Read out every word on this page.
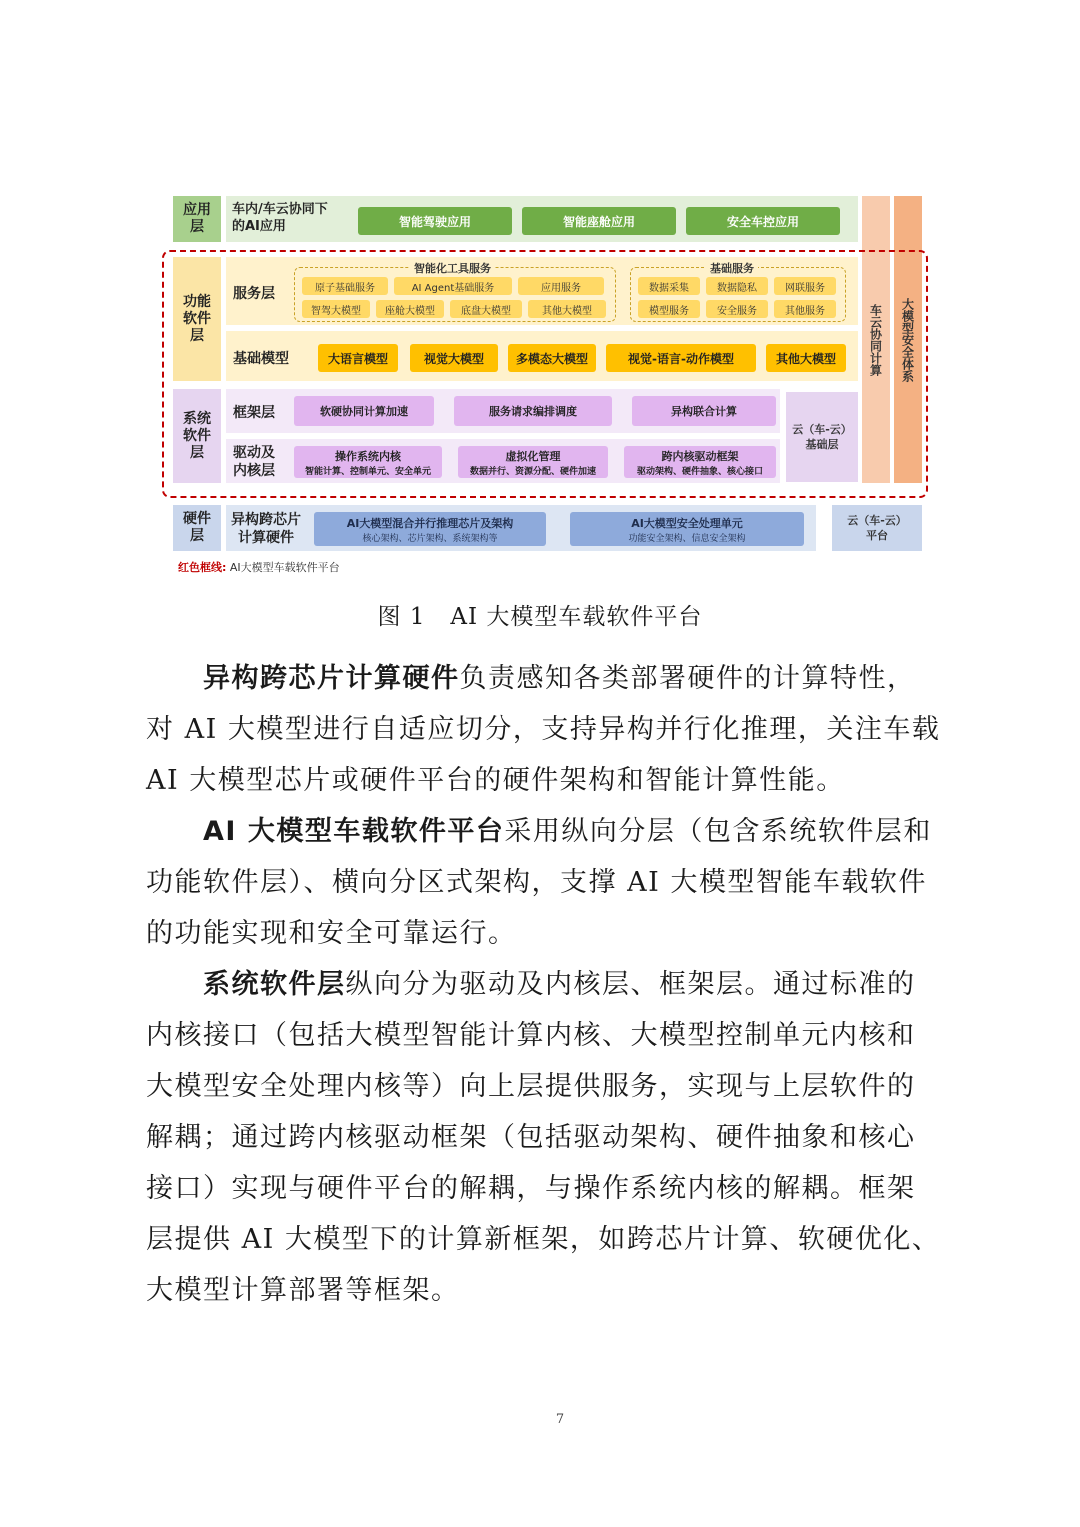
应用
层
车内/车云协同下
的AI应用	智能驾驶应用	智能座舱应用	安全车控应用
车云协同计算	大模型安全体系
功能
软件
层
服务层
智能化工具服务
原子基础服务	AI Agent基础服务	应用服务
智驾大模型	座舱大模型	底盘大模型	其他大模型
基础服务
数据采集	数据隐私	网联服务
模型服务	安全服务	其他服务
基础模型	大语言模型	视觉大模型	多模态大模型	视觉-语言-动作模型	其他大模型
系统
软件
层
框架层	软硬协同计算加速	服务请求编排调度	异构联合计算
驱动及
内核层
操作系统内核
智能计算、控制单元、安全单元
虚拟化管理
数据并行、资源分配、硬件加速
跨内核驱动框架
驱动架构、硬件抽象、核心接口
云（车-云）
基础层
硬件
层
异构跨芯片
计算硬件
AI大模型混合并行推理芯片及架构
核心架构、芯片架构、系统架构等
AI大模型安全处理单元
功能安全架构、信息安全架构
云（车-云）
平台
红色框线: AI大模型车载软件平台
图 1   AI 大模型车载软件平台
异构跨芯片计算硬件负责感知各类部署硬件的计算特性，
对 AI 大模型进行自适应切分，支持异构并行化推理，关注车载
AI 大模型芯片或硬件平台的硬件架构和智能计算性能。
AI 大模型车载软件平台采用纵向分层（包含系统软件层和
功能软件层）、横向分区式架构，支撑 AI 大模型智能车载软件
的功能实现和安全可靠运行。
系统软件层纵向分为驱动及内核层、框架层。通过标准的
内核接口（包括大模型智能计算内核、大模型控制单元内核和
大模型安全处理内核等）向上层提供服务，实现与上层软件的
解耦；通过跨内核驱动框架（包括驱动架构、硬件抽象和核心
接口）实现与硬件平台的解耦，与操作系统内核的解耦。框架
层提供 AI 大模型下的计算新框架，如跨芯片计算、软硬优化、
大模型计算部署等框架。
7
